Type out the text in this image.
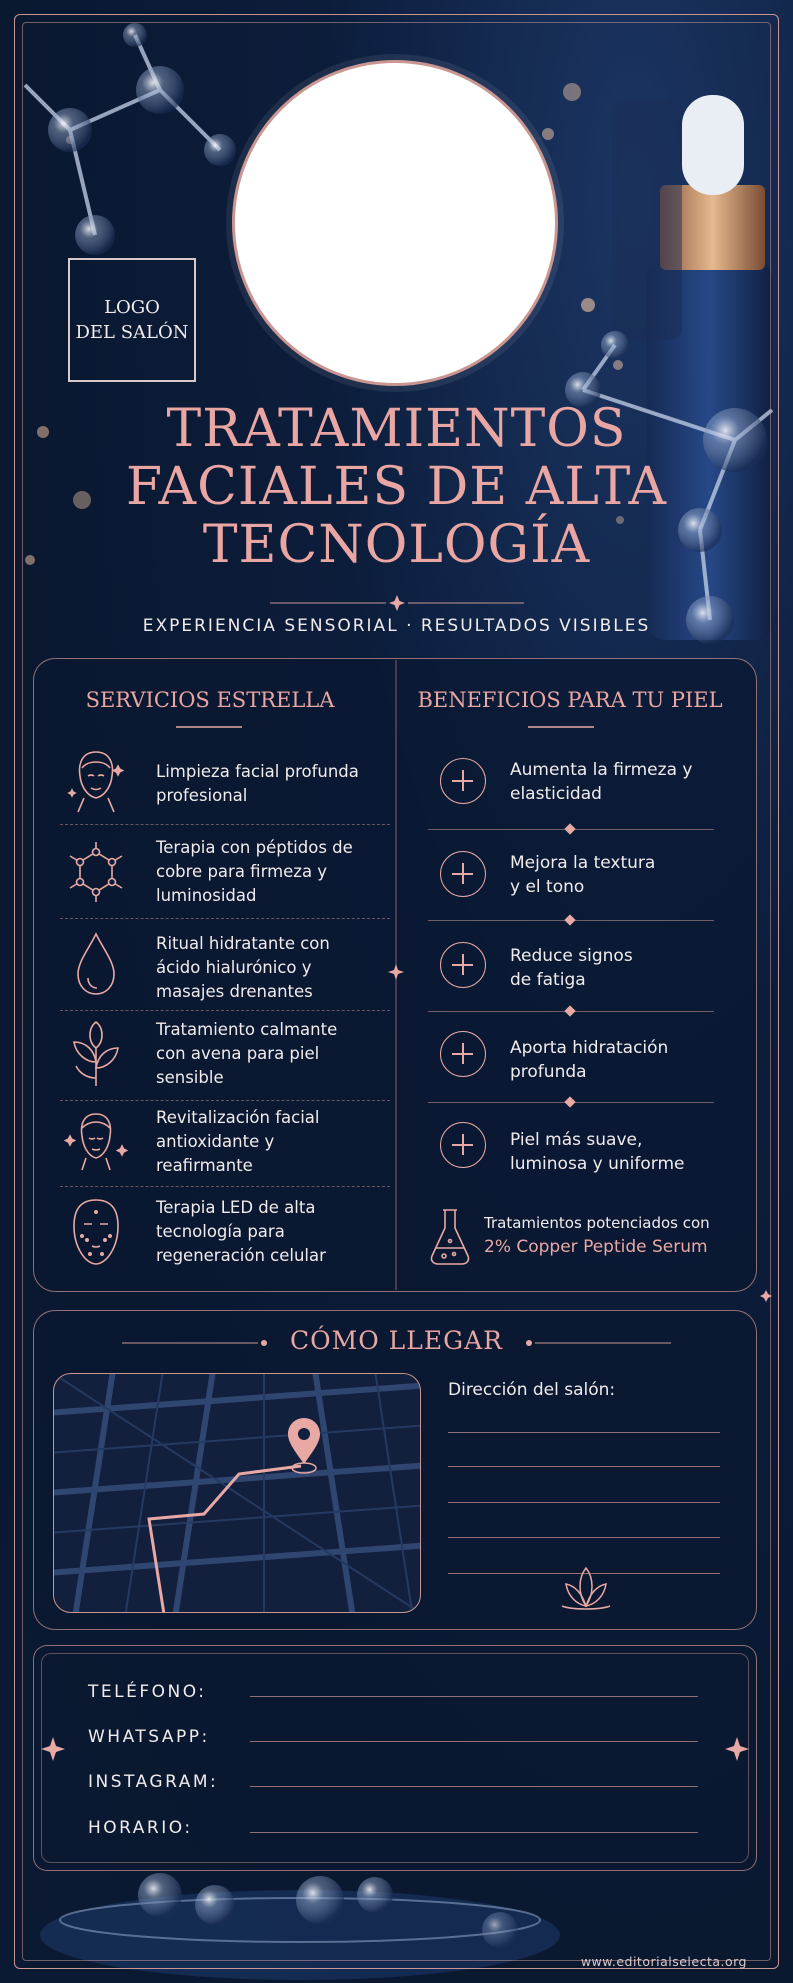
LOGO
DEL SALÓN
TRATAMIENTOS
FACIALES DE ALTA
TECNOLOGÍA
EXPERIENCIA SENSORIAL · RESULTADOS VISIBLES
SERVICIOS ESTRELLA	BENEFICIOS PARA TU PIEL
Limpieza facial profunda profesional
Terapia con péptidos de cobre para firmeza y luminosidad
Ritual hidratante con ácido hialurónico y masajes drenantes
Tratamiento calmante con avena para piel sensible
Revitalización facial antioxidante y reafirmante
Terapia LED de alta tecnología para regeneración celular
Aumenta la firmeza y elasticidad
Mejora la textura y el tono
Reduce signos de fatiga
Aporta hidratación profunda
Piel más suave, luminosa y uniforme
Tratamientos potenciados con
2% Copper Peptide Serum
CÓMO LLEGAR
Dirección del salón:
TELÉFONO:
WHATSAPP:
INSTAGRAM:
HORARIO:
www.editorialselecta.org
